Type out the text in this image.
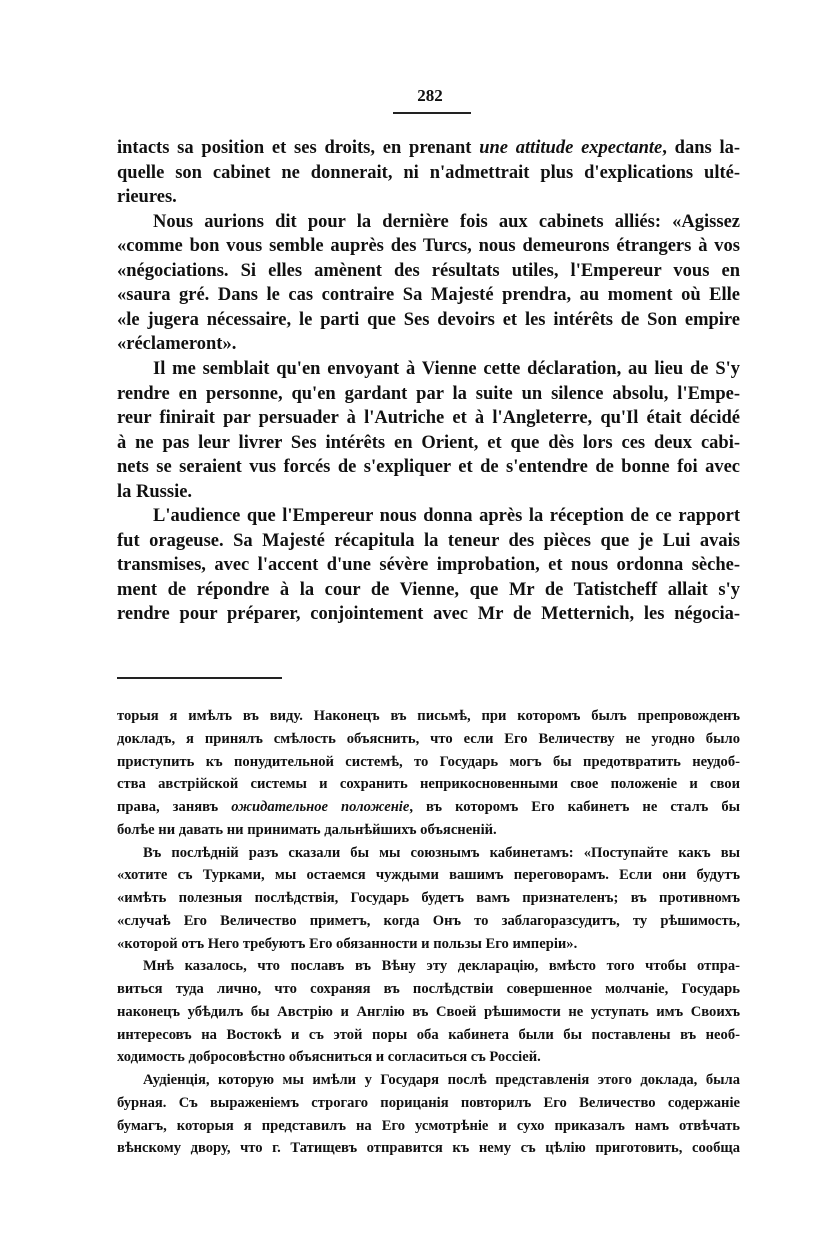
282
intacts sa position et ses droits, en prenant une attitude expectante, dans la-
quelle son cabinet ne donnerait, ni n'admettrait plus d'explications ulté-
rieures.
Nous aurions dit pour la dernière fois aux cabinets alliés: «Agissez
«comme bon vous semble auprès des Turcs, nous demeurons étrangers à vos
«négociations. Si elles amènent des résultats utiles, l'Empereur vous en
«saura gré. Dans le cas contraire Sa Majesté prendra, au moment où Elle
«le jugera nécessaire, le parti que Ses devoirs et les intérêts de Son empire
«réclameront».
Il me semblait qu'en envoyant à Vienne cette déclaration, au lieu de S'y
rendre en personne, qu'en gardant par la suite un silence absolu, l'Empe-
reur finirait par persuader à l'Autriche et à l'Angleterre, qu'Il était décidé
à ne pas leur livrer Ses intérêts en Orient, et que dès lors ces deux cabi-
nets se seraient vus forcés de s'expliquer et de s'entendre de bonne foi avec
la Russie.
L'audience que l'Empereur nous donna après la réception de ce rapport
fut orageuse. Sa Majesté récapitula la teneur des pièces que je Lui avais
transmises, avec l'accent d'une sévère improbation, et nous ordonna sèche-
ment de répondre à la cour de Vienne, que Mr de Tatistcheff allait s'y
rendre pour préparer, conjointement avec Mr de Metternich, les négocia-
торыя я имѣлъ въ виду. Наконецъ въ письмѣ, при которомъ былъ препровожденъ
докладъ, я принялъ смѣлость объяснить, что если Его Величеству не угодно было
приступить къ понудительной системѣ, то Государь могъ бы предотвратить неудоб-
ства австрійской системы и сохранить неприкосновенными свое положеніе и свои
права, занявъ ожидательное положеніе, въ которомъ Его кабинетъ не сталъ бы
болѣе ни давать ни принимать дальнѣйшихъ объясненій.
Въ послѣдній разъ сказали бы мы союзнымъ кабинетамъ: «Поступайте какъ вы
«хотите съ Турками, мы остаемся чуждыми вашимъ переговорамъ. Если они будутъ
«имѣть полезныя послѣдствія, Государь будетъ вамъ признателенъ; въ противномъ
«случаѣ Его Величество приметъ, когда Онъ то заблагоразсудитъ, ту рѣшимость,
«которой отъ Него требуютъ Его обязанности и пользы Его имперіи».
Мнѣ казалось, что пославъ въ Вѣну эту декларацію, вмѣсто того чтобы отпра-
виться туда лично, что сохраняя въ послѣдствіи совершенное молчаніе, Государь
наконецъ убѣдилъ бы Австрію и Англію въ Своей рѣшимости не уступать имъ Своихъ
интересовъ на Востокѣ и съ этой поры оба кабинета были бы поставлены въ необ-
ходимость добросовѣстно объясниться и согласиться съ Россіей.
Аудіенція, которую мы имѣли у Государя послѣ представленія этого доклада, была
бурная. Съ выраженіемъ строгаго порицанія повторилъ Его Величество содержаніе
бумагъ, которыя я представилъ на Его усмотрѣніе и сухо приказалъ намъ отвѣчать
вѣнскому двору, что г. Татищевъ отправится къ нему съ цѣлію приготовить, сообща
